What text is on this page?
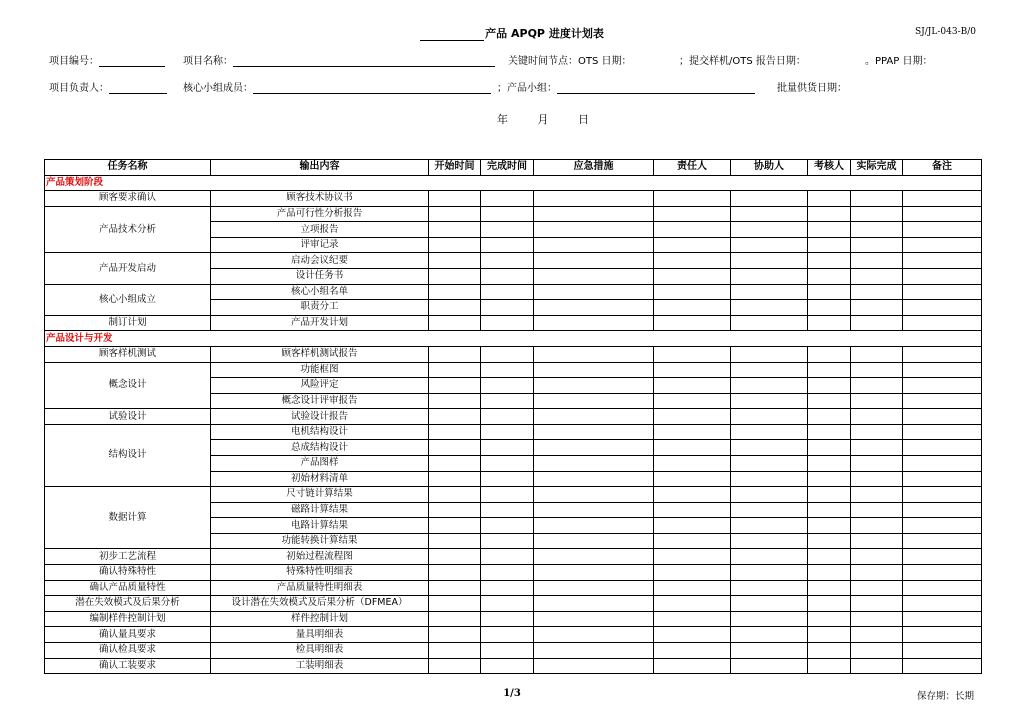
产品 APQP 进度计划表	SJ/JL-043-B/0
项目编号：	项目名称：	关键时间节点：OTS 日期：	；提交样机/OTS 报告日期：	。PPAP 日期：
项目负责人：	核心小组成员：	；产品小组：	批量供货日期：
年	月	日
任务名称	输出内容	开始时间	完成时间	应急措施	责任人	协助人	考核人	实际完成	备注
产品策划阶段									
顾客要求确认	顾客技术协议书								
产品技术分析	产品可行性分析报告								
	立项报告								
	评审记录								
产品开发启动	启动会议纪要								
	设计任务书								
核心小组成立	核心小组名单								
	职责分工								
制订计划	产品开发计划								
产品设计与开发									
顾客样机测试	顾客样机测试报告								
概念设计	功能框图								
	风险评定								
	概念设计评审报告								
试验设计	试验设计报告								
结构设计	电机结构设计								
	总成结构设计								
	产品图样								
	初始材料清单								
数据计算	尺寸链计算结果								
	磁路计算结果								
	电路计算结果								
	功能转换计算结果								
初步工艺流程	初始过程流程图								
确认特殊特性	特殊特性明细表								
确认产品质量特性	产品质量特性明细表								
潜在失效模式及后果分析	设计潜在失效模式及后果分析（DFMEA）								
编制样件控制计划	样件控制计划								
确认量具要求	量具明细表								
确认检具要求	检具明细表								
确认工装要求	工装明细表								
1/3	保存期：长期
